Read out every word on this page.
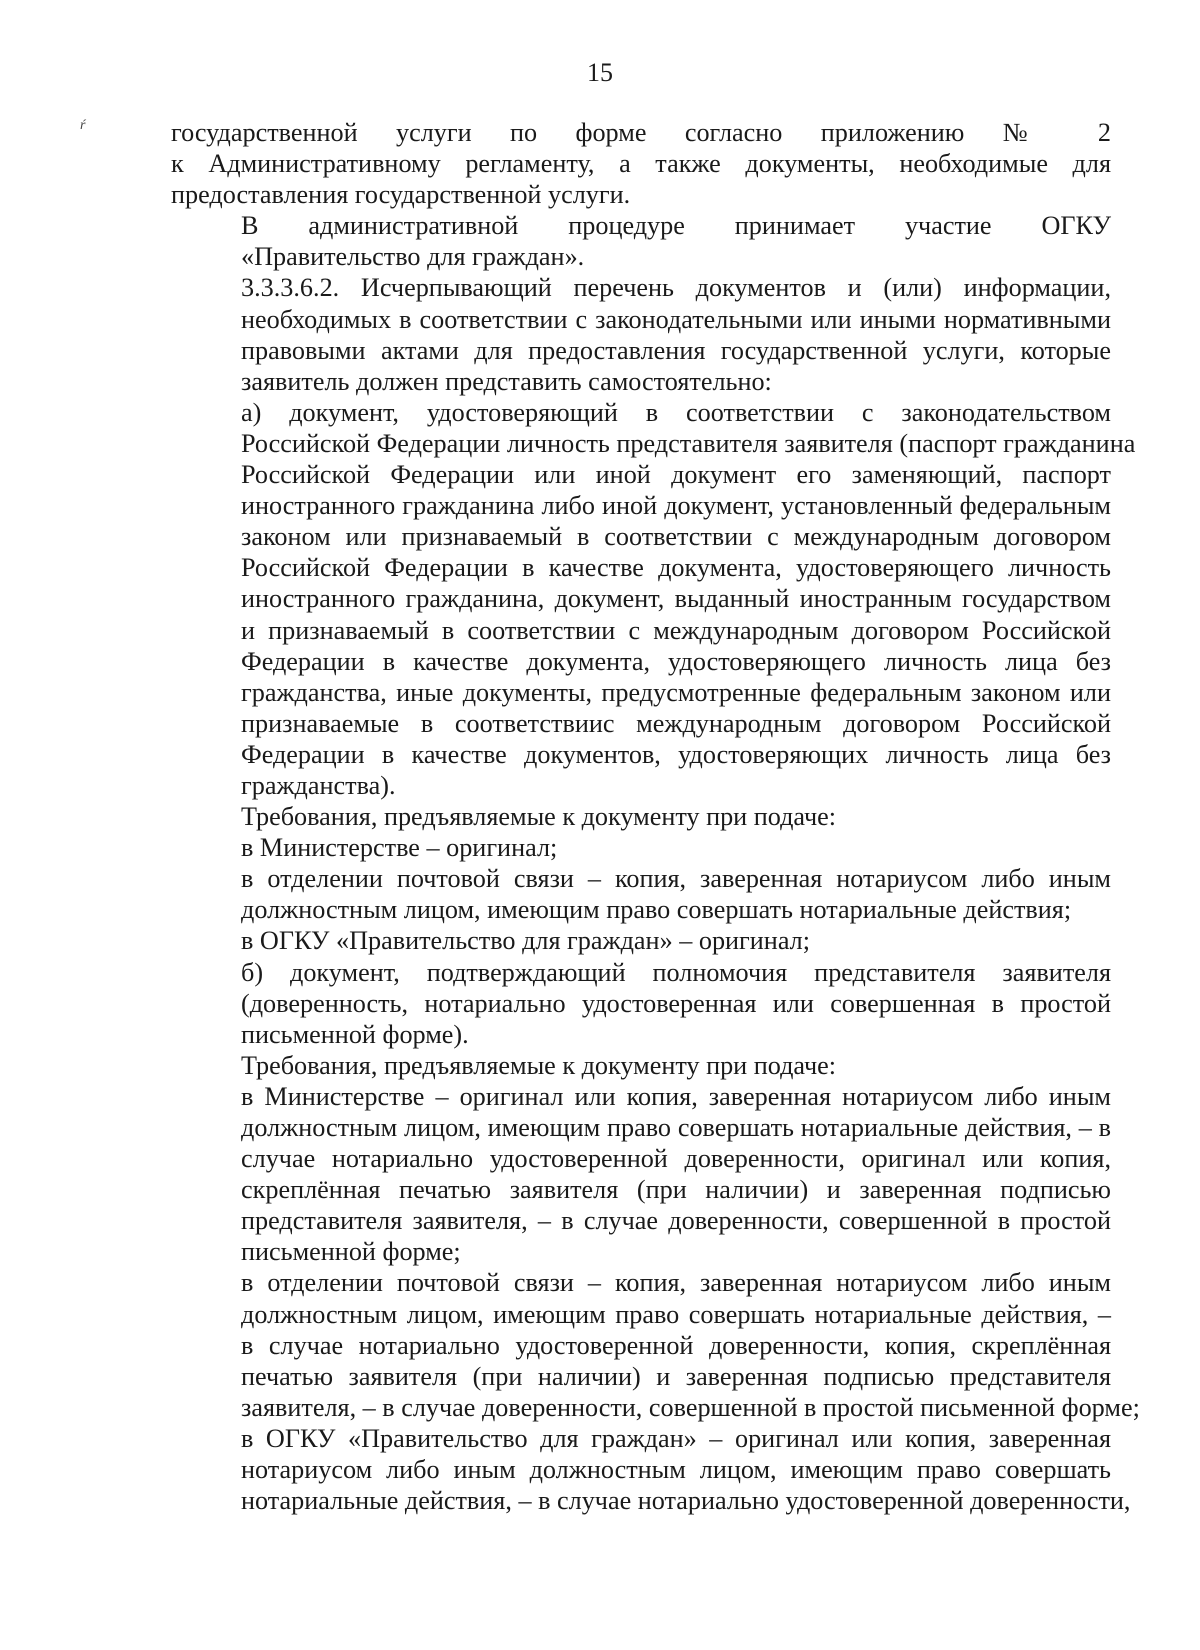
15
ŕ	государственной услуги по форме согласно приложению № 2
к Административному регламенту, а также документы, необходимые для
предоставления государственной услуги.
В административной процедуре принимает участие ОГКУ
«Правительство для граждан».
3.3.3.6.2. Исчерпывающий перечень документов и (или) информации,
необходимых в соответствии с законодательными или иными нормативными
правовыми актами для предоставления государственной услуги, которые
заявитель должен представить самостоятельно:
а) документ, удостоверяющий в соответствии с законодательством
Российской Федерации личность представителя заявителя (паспорт гражданина
Российской Федерации или иной документ его заменяющий, паспорт
иностранного гражданина либо иной документ, установленный федеральным
законом или признаваемый в соответствии с международным договором
Российской Федерации в качестве документа, удостоверяющего личность
иностранного гражданина, документ, выданный иностранным государством
и признаваемый в соответствии с международным договором Российской
Федерации в качестве документа, удостоверяющего личность лица без
гражданства, иные документы, предусмотренные федеральным законом или
признаваемые в соответствиис международным договором Российской
Федерации в качестве документов, удостоверяющих личность лица без
гражданства).
Требования, предъявляемые к документу при подаче:
в Министерстве – оригинал;
в отделении почтовой связи – копия, заверенная нотариусом либо иным
должностным лицом, имеющим право совершать нотариальные действия;
в ОГКУ «Правительство для граждан» – оригинал;
б) документ, подтверждающий полномочия представителя заявителя
(доверенность, нотариально удостоверенная или совершенная в простой
письменной форме).
Требования, предъявляемые к документу при подаче:
в Министерстве – оригинал или копия, заверенная нотариусом либо иным
должностным лицом, имеющим право совершать нотариальные действия, – в
случае нотариально удостоверенной доверенности, оригинал или копия,
скреплённая печатью заявителя (при наличии) и заверенная подписью
представителя заявителя, – в случае доверенности, совершенной в простой
письменной форме;
в отделении почтовой связи – копия, заверенная нотариусом либо иным
должностным лицом, имеющим право совершать нотариальные действия, –
в случае нотариально удостоверенной доверенности, копия, скреплённая
печатью заявителя (при наличии) и заверенная подписью представителя
заявителя, – в случае доверенности, совершенной в простой письменной форме;
в ОГКУ «Правительство для граждан» – оригинал или копия, заверенная
нотариусом либо иным должностным лицом, имеющим право совершать
нотариальные действия, – в случае нотариально удостоверенной доверенности,
